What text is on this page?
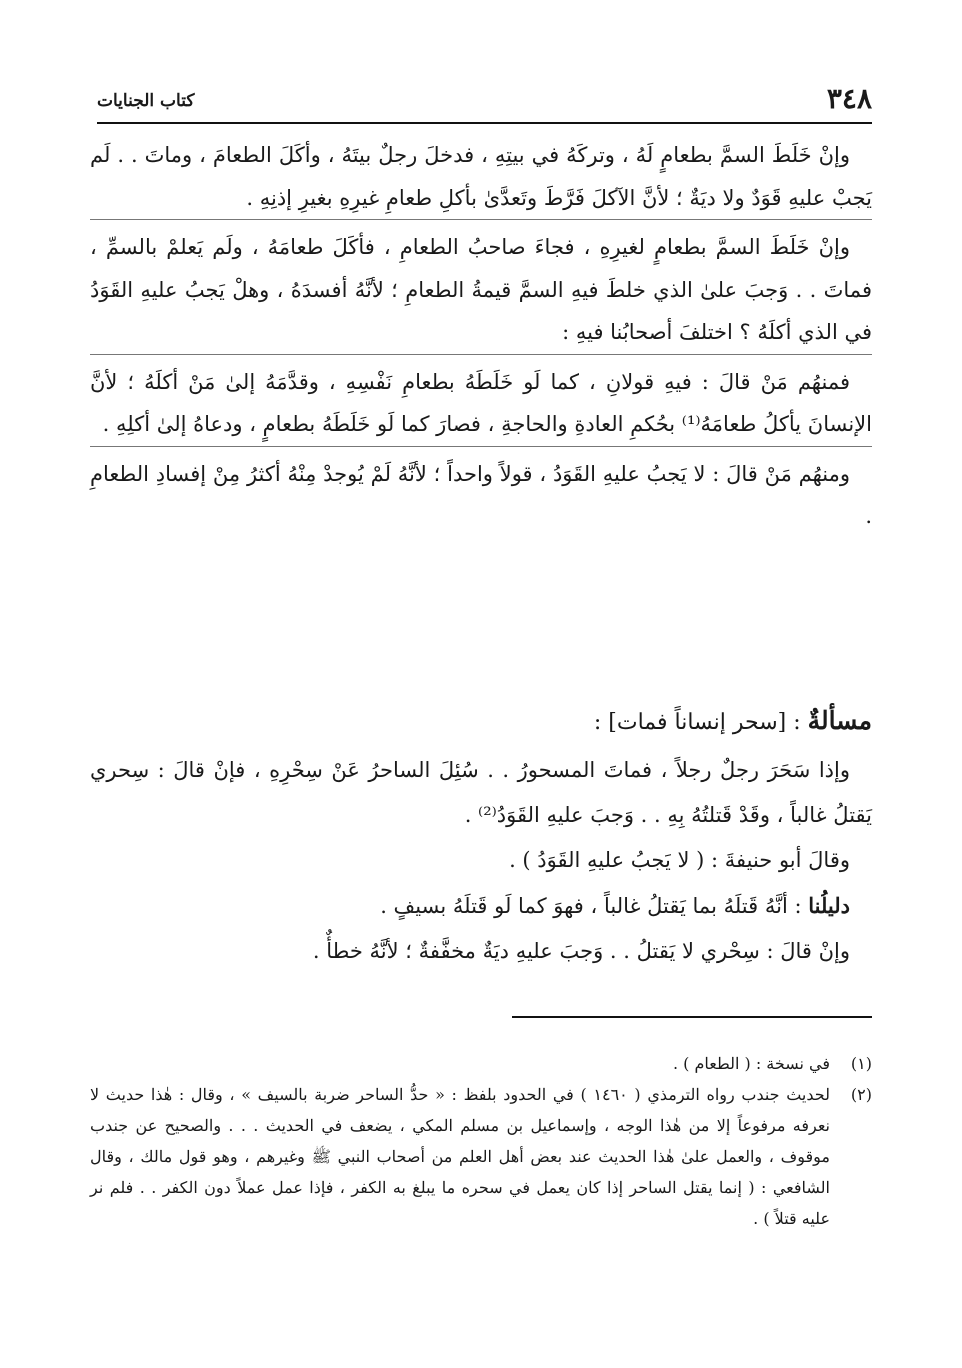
٣٤٨
كتاب الجنايات

وإنْ خَلَطَ السمَّ بطعامٍ لَهُ ، وتركَهُ في بيتِهِ ، فدخلَ رجلٌ بيتَهُ ، وأكَلَ الطعامَ ، وماتَ . . لَم يَجبْ عليهِ قَوَدٌ ولا ديَةٌ ؛ لأنَّ الآكلَ فَرَّطَ وتَعدَّىٰ بأكلِ طعامِ غيرِهِ بغيرِ إذنِهِ .

وإنْ خَلَطَ السمَّ بطعامٍ لغيرِهِ ، فجاءَ صاحبُ الطعامِ ، فأكَلَ طعامَهُ ، ولَم يَعلمْ بالسمِّ ، فماتَ . . وَجبَ علىٰ الذي خلطَ فيهِ السمَّ قيمةُ الطعامِ ؛ لأنَّهُ أفسدَهُ ، وهلْ يَجبُ عليهِ القَوَدُ في الذي أكلَهُ ؟ اختلفَ أصحابُنا فيهِ :

فمنهُم مَنْ قالَ : فيهِ قولانِ ، كما لَو خَلَطَهُ بطعامِ نَفْسِهِ ، وقدَّمَهُ إلىٰ مَنْ أكلَهُ ؛ لأنَّ الإنسانَ يأكلُ طعامَهُ⁽¹⁾ بحُكمِ العادةِ والحاجةِ ، فصارَ كما لَو خَلَطَهُ بطعامٍ ، ودعاهُ إلىٰ أكلِهِ .

ومنهُم مَنْ قالَ : لا يَجبُ عليهِ القَوَدُ ، قولاً واحداً ؛ لأنَّهُ لَمْ يُوجدْ مِنْهُ أكثرُ مِنْ إفسادِ الطعامِ .

مسألةٌ : [سحر إنساناً فمات] :

وإذا سَحَرَ رجلٌ رجلاً ، فماتَ المسحورُ . . سُئِلَ الساحرُ عَنْ سِحْرِهِ ، فإنْ قالَ : سِحري يَقتلُ غالباً ، وقَدْ قَتلتُهُ بِهِ . . وَجبَ عليهِ القَوَدُ⁽²⁾ .

وقالَ أبو حنيفةَ : ( لا يَجبُ عليهِ القَوَدُ ) .

دليلُنا : أنَّهُ قَتلَهُ بما يَقتلُ غالباً ، فهوَ كما لَو قَتلَهُ بسيفٍ .

وإنْ قالَ : سِحْري لا يَقتلُ . . وَجبَ عليهِ ديَةٌ مخفَّفةٌ ؛ لأنَّهُ خطأٌ .

(١)
في نسخة : ( الطعام ) .
(٢)
لحديث جندب رواه الترمذي ( ١٤٦٠ ) في الحدود بلفظ : « حدُّ الساحر ضربة بالسيف » ، وقال : هٰذا حديث لا نعرفه مرفوعاً إلا من هٰذا الوجه ، وإسماعيل بن مسلم المكي ، يضعف في الحديث . . . والصحيح عن جندب موقوف ، والعمل علىٰ هٰذا الحديث عند بعض أهل العلم من أصحاب النبي ﷺ وغيرهم ، وهو قول مالك ، وقال الشافعي : ( إنما يقتل الساحر إذا كان يعمل في سحره ما يبلغ به الكفر ، فإذا عمل عملاً دون الكفر . . فلم نر عليه قتلاً ) .
